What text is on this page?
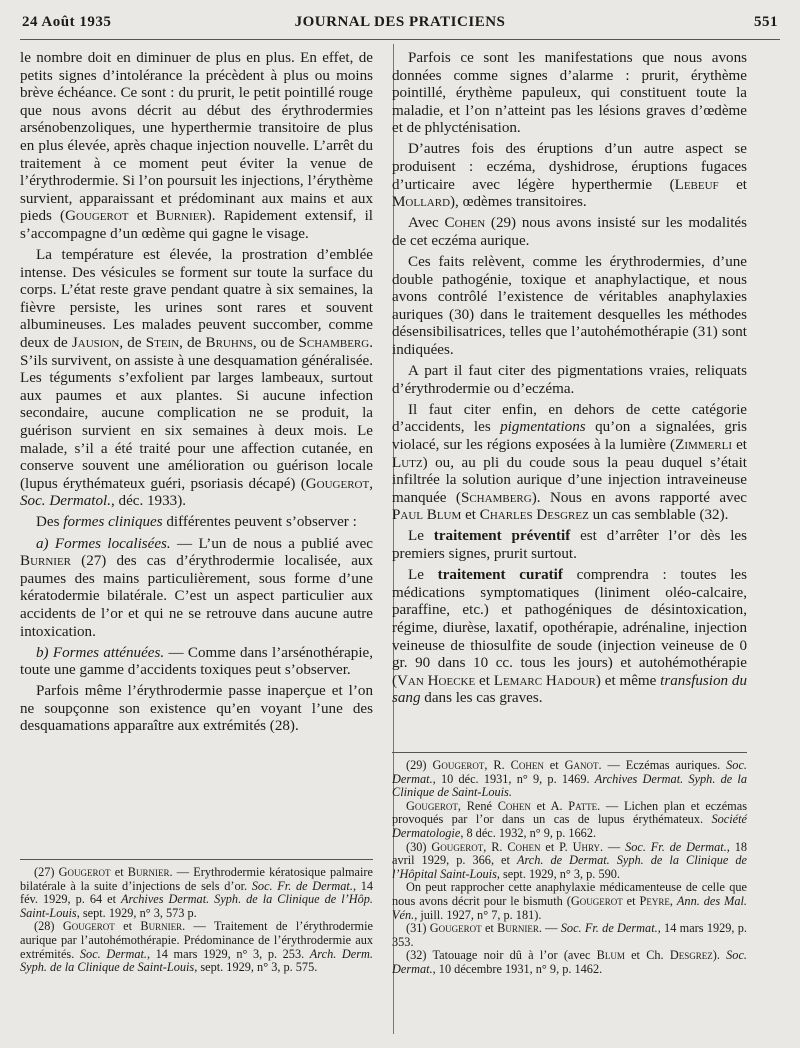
24 Août 1935	JOURNAL DES PRATICIENS	551

le nombre doit en diminuer de plus en plus. En effet, de petits signes d’intolérance la précèdent à plus ou moins brève échéance. Ce sont : du prurit, le petit pointillé rouge que nous avons décrit au début des érythrodermies arsénobenzoliques, une hyperthermie transitoire de plus en plus élevée, après chaque injection nouvelle. L’arrêt du traitement à ce moment peut éviter la venue de l’érythrodermie. Si l’on poursuit les injections, l’érythème survient, apparaissant et prédominant aux mains et aux pieds (Gougerot et Burnier). Rapidement extensif, il s’accompagne d’un œdème qui gagne le visage.

La température est élevée, la prostration d’emblée intense. Des vésicules se forment sur toute la surface du corps. L’état reste grave pendant quatre à six semaines, la fièvre persiste, les urines sont rares et souvent albumineuses. Les malades peuvent succomber, comme deux de Jausion, de Stein, de Bruhns, ou de Schamberg. S’ils survivent, on assiste à une desquamation généralisée. Les téguments s’exfolient par larges lambeaux, surtout aux paumes et aux plantes. Si aucune infection secondaire, aucune complication ne se produit, la guérison survient en six semaines à deux mois. Le malade, s’il a été traité pour une affection cutanée, en conserve souvent une amélioration ou guérison locale (lupus érythémateux guéri, psoriasis décapé) (Gougerot, Soc. Dermatol., déc. 1933).

Des formes cliniques différentes peuvent s’observer :

a) Formes localisées. — L’un de nous a publié avec Burnier (27) des cas d’érythrodermie localisée, aux paumes des mains particulièrement, sous forme d’une kératodermie bilatérale. C’est un aspect particulier aux accidents de l’or et qui ne se retrouve dans aucune autre intoxication.

b) Formes atténuées. — Comme dans l’arsénothérapie, toute une gamme d’accidents toxiques peut s’observer.

Parfois même l’érythrodermie passe inaperçue et l’on ne soupçonne son existence qu’en voyant l’une des desquamations apparaître aux extrémités (28).

Parfois ce sont les manifestations que nous avons données comme signes d’alarme : prurit, érythème pointillé, érythème papuleux, qui constituent toute la maladie, et l’on n’atteint pas les lésions graves d’œdème et de phlycténisation.

D’autres fois des éruptions d’un autre aspect se produisent : eczéma, dyshidrose, éruptions fugaces d’urticaire avec légère hyperthermie (Lebeuf et Mollard), œdèmes transitoires.

Avec Cohen (29) nous avons insisté sur les modalités de cet eczéma aurique.

Ces faits relèvent, comme les érythrodermies, d’une double pathogénie, toxique et anaphylactique, et nous avons contrôlé l’existence de véritables anaphylaxies auriques (30) dans le traitement desquelles les méthodes désensibilisatrices, telles que l’autohémothérapie (31) sont indiquées.

A part il faut citer des pigmentations vraies, reliquats d’érythrodermie ou d’eczéma.

Il faut citer enfin, en dehors de cette catégorie d’accidents, les pigmentations qu’on a signalées, gris violacé, sur les régions exposées à la lumière (Zimmerli et Lutz) ou, au pli du coude sous la peau duquel s’était infiltrée la solution aurique d’une injection intraveineuse manquée (Schamberg). Nous en avons rapporté avec Paul Blum et Charles Desgrez un cas semblable (32).

Le traitement préventif est d’arrêter l’or dès les premiers signes, prurit surtout.

Le traitement curatif comprendra : toutes les médications symptomatiques (liniment oléo-calcaire, paraffine, etc.) et pathogéniques de désintoxication, régime, diurèse, laxatif, opothérapie, adrénaline, injection veineuse de thiosulfite de soude (injection veineuse de 0 gr. 90 dans 10 cc. tous les jours) et autohémothérapie (Van Hoecke et Lemarc Hadour) et même transfusion du sang dans les cas graves.

(27) Gougerot et Burnier. — Erythrodermie kératosique palmaire bilatérale à la suite d’injections de sels d’or. Soc. Fr. de Dermat., 14 fév. 1929, p. 64 et Archives Dermat. Syph. de la Clinique de l’Hôp. Saint-Louis, sept. 1929, n° 3, 573 p.

(28) Gougerot et Burnier. — Traitement de l’érythrodermie aurique par l’autohémothérapie. Prédominance de l’érythrodermie aux extrémités. Soc. Dermat., 14 mars 1929, n° 3, p. 253. Arch. Derm. Syph. de la Clinique de Saint-Louis, sept. 1929, n° 3, p. 575.

(29) Gougerot, R. Cohen et Ganot. — Eczémas auriques. Soc. Dermat., 10 déc. 1931, n° 9, p. 1469. Archives Dermat. Syph. de la Clinique de Saint-Louis.

Gougerot, René Cohen et A. Patte. — Lichen plan et eczémas provoqués par l’or dans un cas de lupus érythémateux. Société Dermatologie, 8 déc. 1932, n° 9, p. 1662.

(30) Gougerot, R. Cohen et P. Uhry. — Soc. Fr. de Dermat., 18 avril 1929, p. 366, et Arch. de Dermat. Syph. de la Clinique de l’Hôpital Saint-Louis, sept. 1929, n° 3, p. 590.

On peut rapprocher cette anaphylaxie médicamenteuse de celle que nous avons décrit pour le bismuth (Gougerot et Peyre, Ann. des Mal. Vén., juill. 1927, n° 7, p. 181).

(31) Gougerot et Burnier. — Soc. Fr. de Dermat., 14 mars 1929, p. 353.

(32) Tatouage noir dû à l’or (avec Blum et Ch. Desgrez). Soc. Dermat., 10 décembre 1931, n° 9, p. 1462.
